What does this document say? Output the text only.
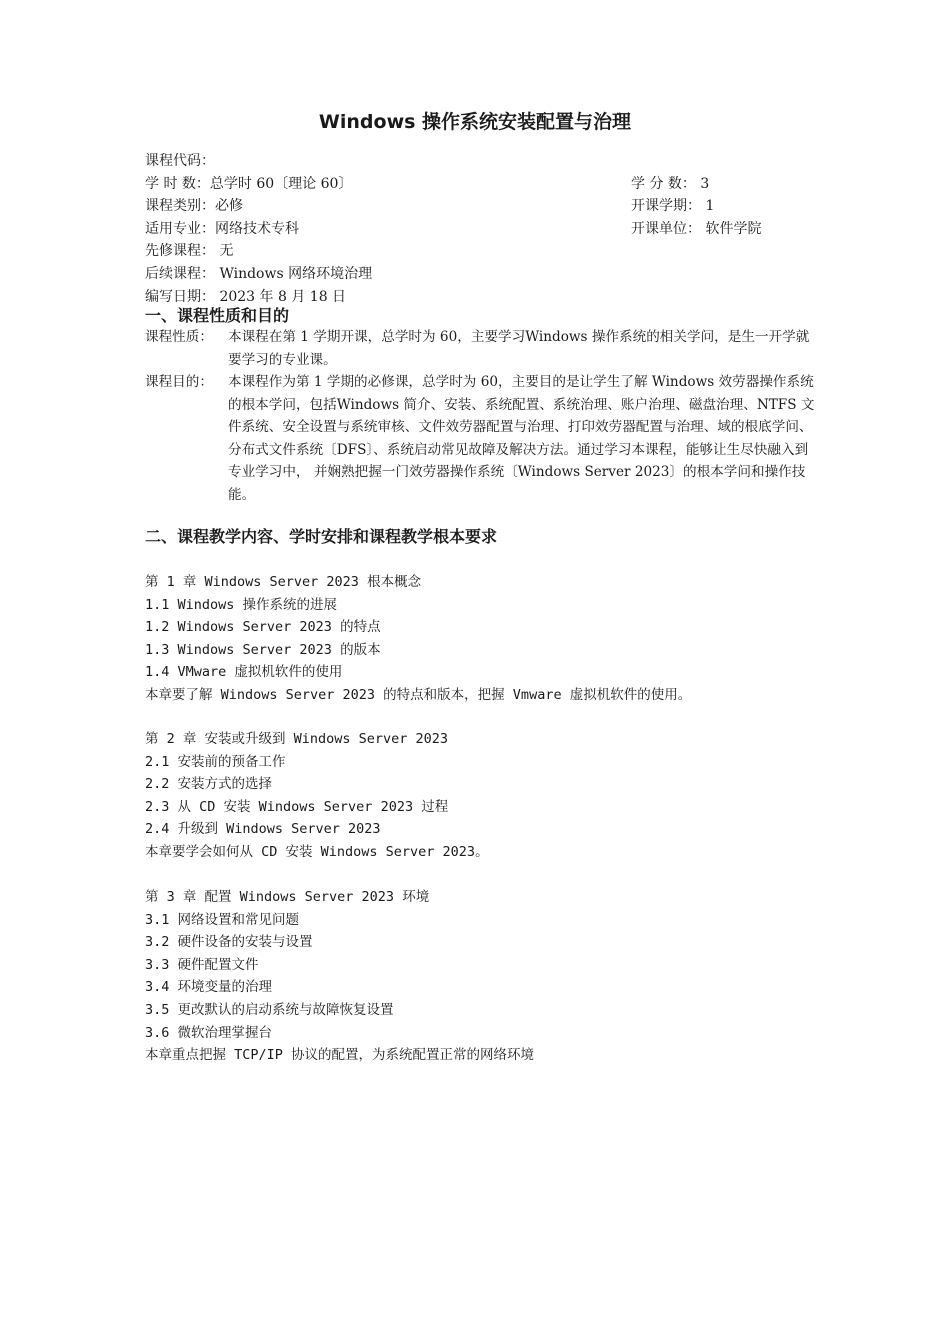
Windows 操作系统安装配置与治理
课程代码：
学 时 数：总学时 60〔理论 60〕	学 分 数： 3
课程类别：必修	开课学期： 1
适用专业：网络技术专科	开课单位： 软件学院
先修课程： 无
后续课程： Windows 网络环境治理
编写日期： 2023 年 8 月 18 日
一、课程性质和目的
课程性质： 本课程在第 1 学期开课，总学时为 60，主要学习Windows 操作系统的相关学问，是生一开学就要学习的专业课。
课程目的： 本课程作为第 1 学期的必修课，总学时为 60，主要目的是让学生了解 Windows 效劳器操作系统的根本学问，包括Windows 简介、安装、系统配置、系统治理、账户治理、磁盘治理、NTFS 文件系统、安全设置与系统审核、文件效劳器配置与治理、打印效劳器配置与治理、域的根底学问、分布式文件系统〔DFS〕、系统启动常见故障及解决方法。通过学习本课程，能够让生尽快融入到专业学习中， 并娴熟把握一门效劳器操作系统〔Windows Server 2023〕的根本学问和操作技能。
二、课程教学内容、学时安排和课程教学根本要求
第 1 章 Windows Server 2023 根本概念
1.1 Windows 操作系统的进展
1.2 Windows Server 2023 的特点
1.3 Windows Server 2023 的版本
1.4 VMware 虚拟机软件的使用
本章要了解 Windows Server 2023 的特点和版本，把握 Vmware 虚拟机软件的使用。
第 2 章 安装或升级到 Windows Server 2023
2.1 安装前的预备工作
2.2 安装方式的选择
2.3 从 CD 安装 Windows Server 2023 过程
2.4 升级到 Windows Server 2023
本章要学会如何从 CD 安装 Windows Server 2023。
第 3 章 配置 Windows Server 2023 环境
3.1 网络设置和常见问题
3.2 硬件设备的安装与设置
3.3 硬件配置文件
3.4 环境变量的治理
3.5 更改默认的启动系统与故障恢复设置
3.6 微软治理掌握台
本章重点把握 TCP/IP 协议的配置，为系统配置正常的网络环境
